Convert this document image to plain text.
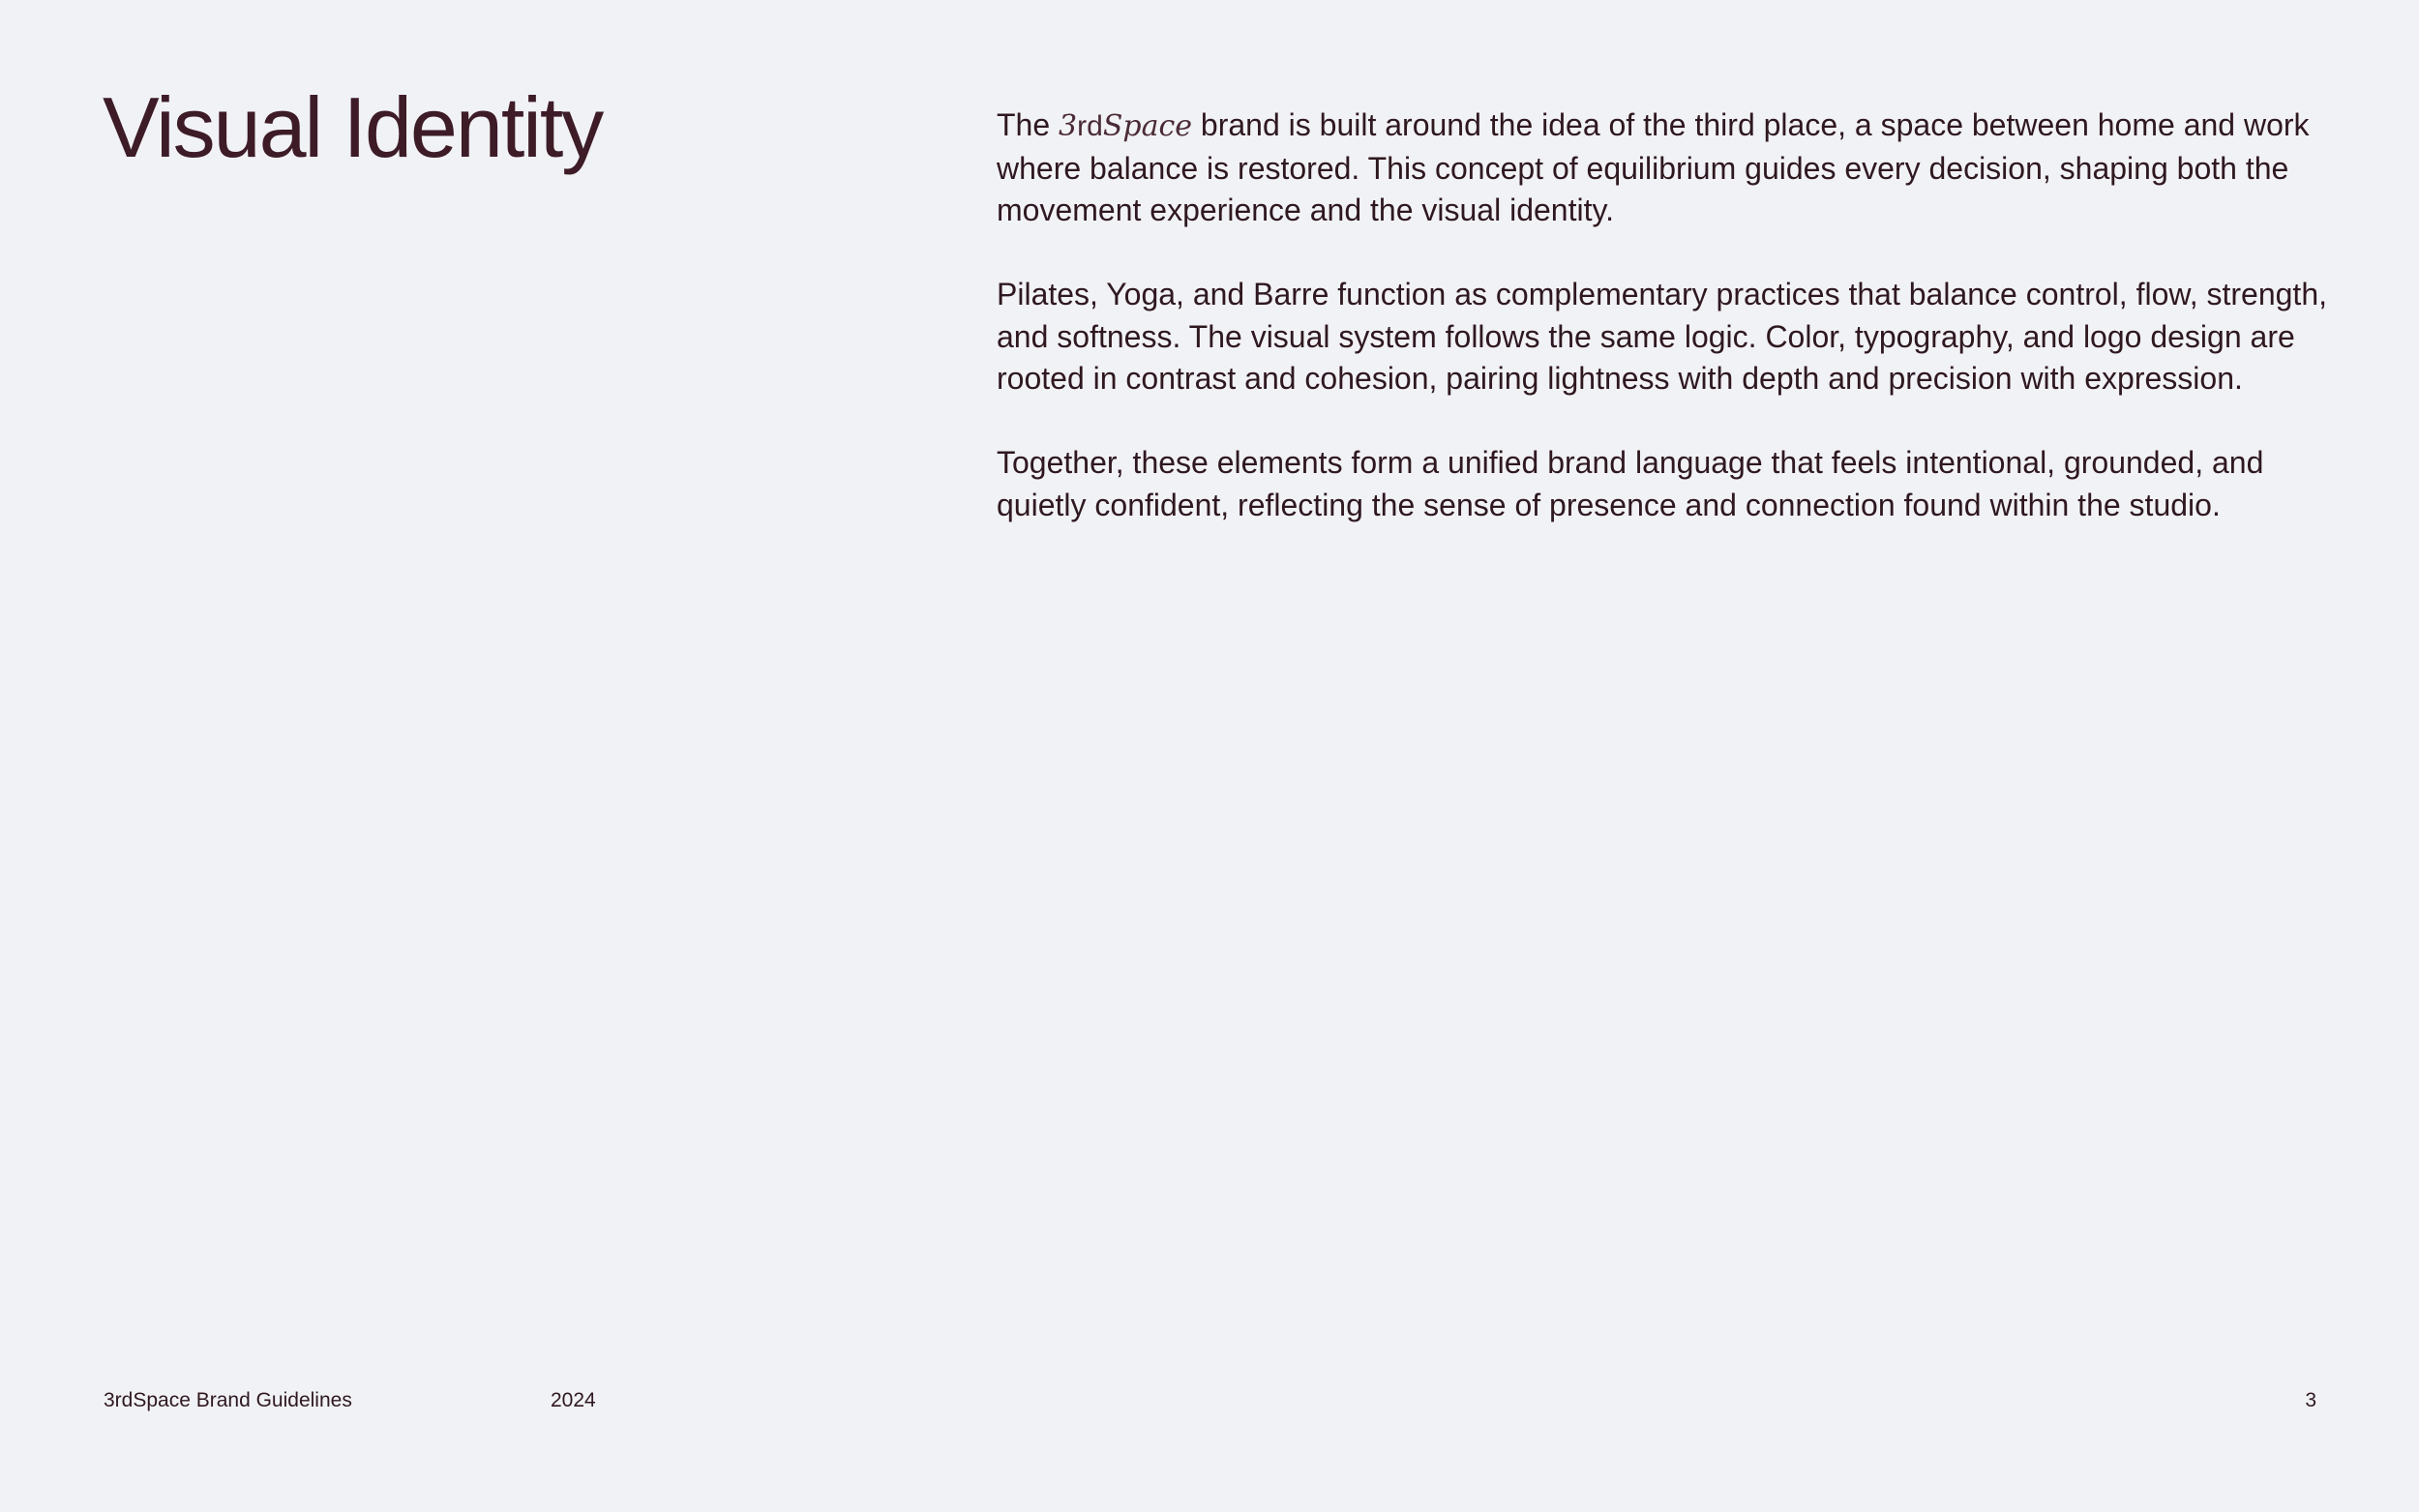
Visual Identity	The 3rdSpace brand is built around the idea of the third place, a space between home and work where balance is restored. This concept of equilibrium guides every decision, shaping both the movement experience and the visual identity.

Pilates, Yoga, and Barre function as complementary practices that balance control, flow, strength, and softness. The visual system follows the same logic. Color, typography, and logo design are rooted in contrast and cohesion, pairing lightness with depth and precision with expression.

Together, these elements form a unified brand language that feels intentional, grounded, and quietly confident, reflecting the sense of presence and connection found within the studio.

3rdSpace Brand Guidelines	2024	3
